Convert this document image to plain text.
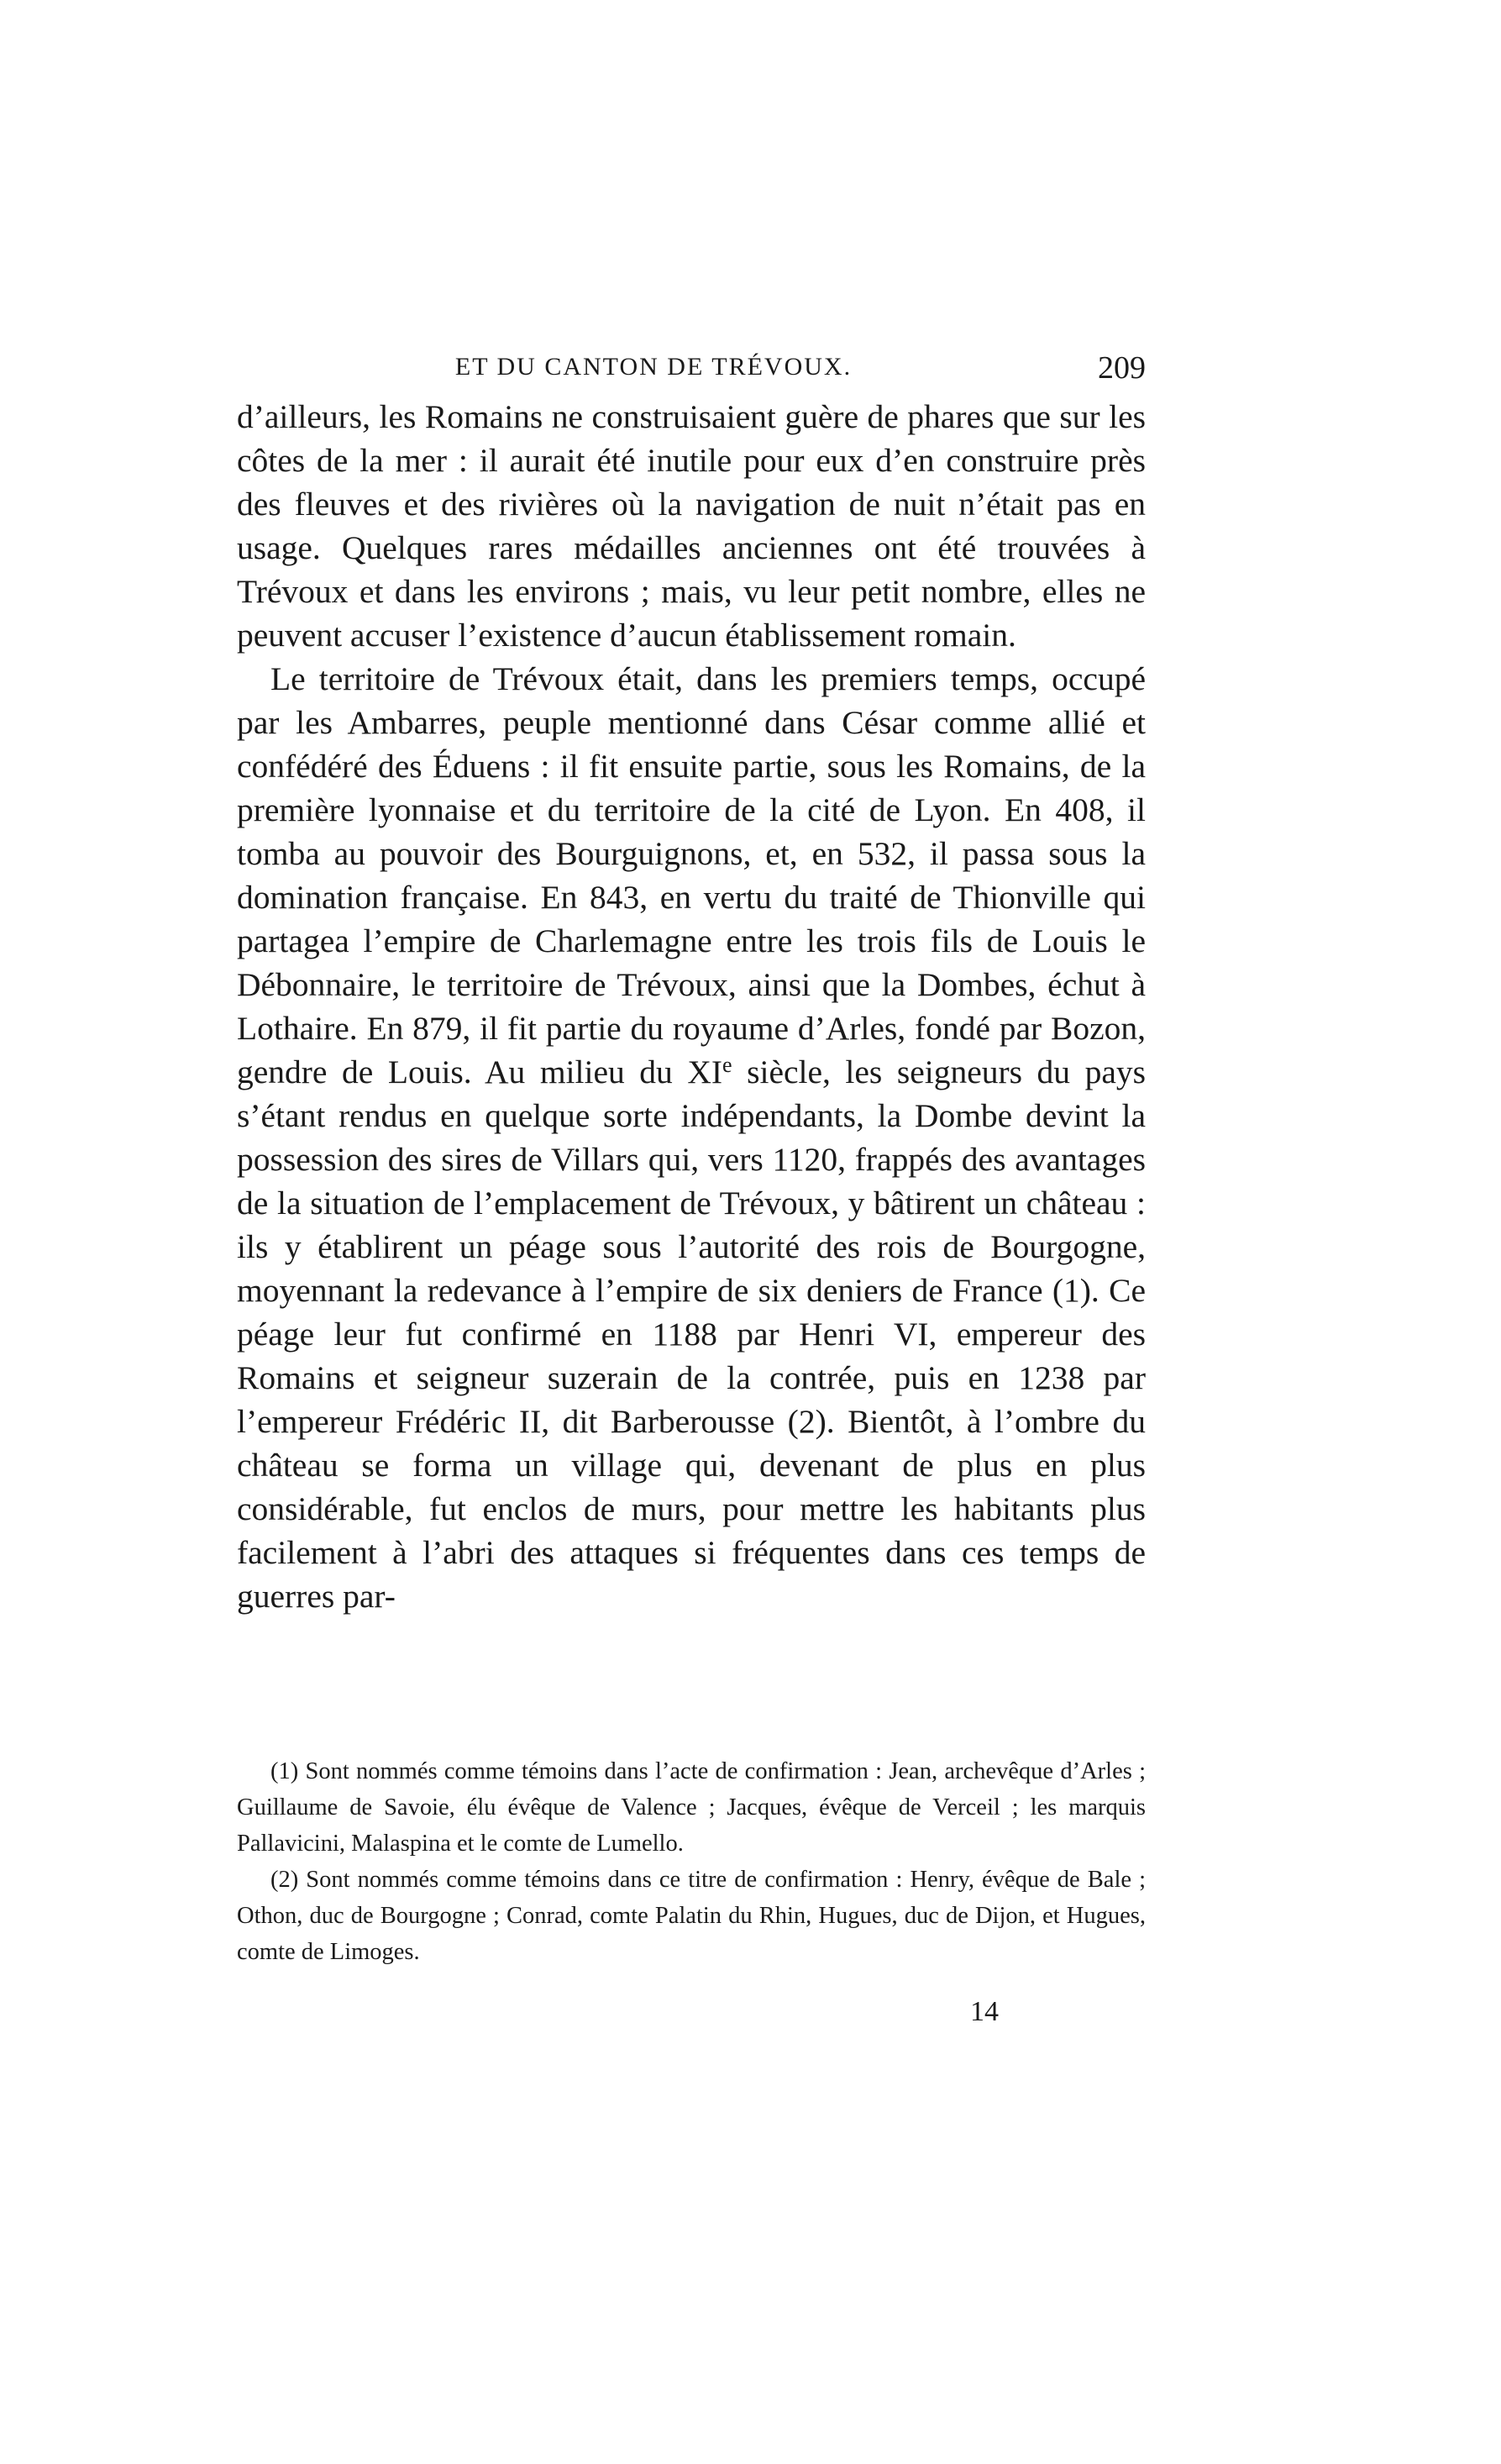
ET DU CANTON DE TRÉVOUX.	209

d’ailleurs, les Romains ne construisaient guère de phares que sur les côtes de la mer : il aurait été inutile pour eux d’en construire près des fleuves et des rivières où la navigation de nuit n’était pas en usage. Quelques rares médailles anciennes ont été trouvées à Trévoux et dans les environs ; mais, vu leur petit nombre, elles ne peuvent accuser l’existence d’aucun établissement romain.

Le territoire de Trévoux était, dans les premiers temps, occupé par les Ambarres, peuple mentionné dans César comme allié et confédéré des Éduens : il fit ensuite partie, sous les Romains, de la première lyonnaise et du territoire de la cité de Lyon. En 408, il tomba au pouvoir des Bourguignons, et, en 532, il passa sous la domination française. En 843, en vertu du traité de Thionville qui partagea l’empire de Charlemagne entre les trois fils de Louis le Débonnaire, le territoire de Trévoux, ainsi que la Dombes, échut à Lothaire. En 879, il fit partie du royaume d’Arles, fondé par Bozon, gendre de Louis. Au milieu du XIe siècle, les seigneurs du pays s’étant rendus en quelque sorte indépendants, la Dombe devint la possession des sires de Villars qui, vers 1120, frappés des avantages de la situation de l’emplacement de Trévoux, y bâtirent un château : ils y établirent un péage sous l’autorité des rois de Bourgogne, moyennant la redevance à l’empire de six deniers de France (1). Ce péage leur fut confirmé en 1188 par Henri VI, empereur des Romains et seigneur suzerain de la contrée, puis en 1238 par l’empereur Frédéric II, dit Barberousse (2). Bientôt, à l’ombre du château se forma un village qui, devenant de plus en plus considérable, fut enclos de murs, pour mettre les habitants plus facilement à l’abri des attaques si fréquentes dans ces temps de guerres par-

(1) Sont nommés comme témoins dans l’acte de confirmation : Jean, archevêque d’Arles ; Guillaume de Savoie, élu évêque de Valence ; Jacques, évêque de Verceil ; les marquis Pallavicini, Malaspina et le comte de Lumello.

(2) Sont nommés comme témoins dans ce titre de confirmation : Henry, évêque de Bale ; Othon, duc de Bourgogne ; Conrad, comte Palatin du Rhin, Hugues, duc de Dijon, et Hugues, comte de Limoges.

14
